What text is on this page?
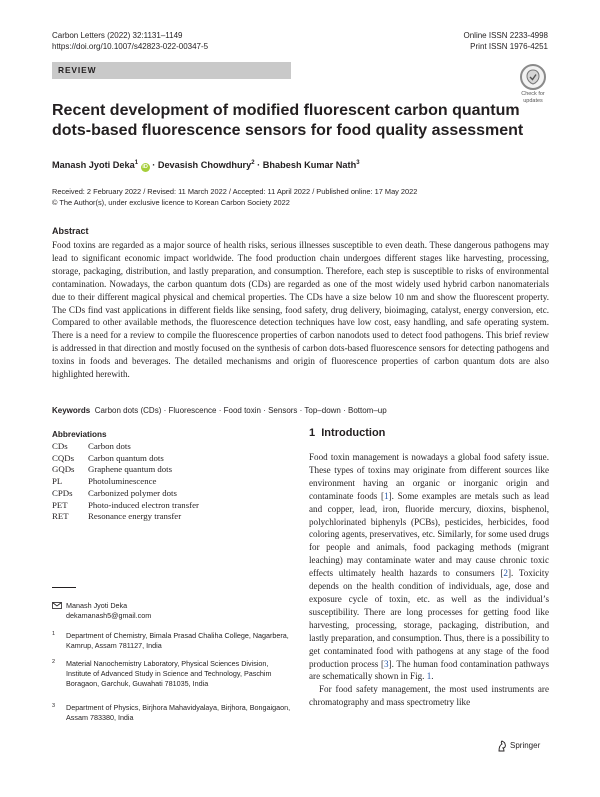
Carbon Letters (2022) 32:1131–1149
https://doi.org/10.1007/s42823-022-00347-5
Online ISSN 2233-4998
Print ISSN 1976-4251
REVIEW
Check for
updates
Recent development of modified fluorescent carbon quantum dots-based fluorescence sensors for food quality assessment
Manash Jyoti Deka$^1$ iD · Devasish Chowdhury$^2$ · Bhabesh Kumar Nath$^3$
Received: 2 February 2022 / Revised: 11 March 2022 / Accepted: 11 April 2022 / Published online: 17 May 2022
© The Author(s), under exclusive licence to Korean Carbon Society 2022
Abstract
Food toxins are regarded as a major source of health risks, serious illnesses susceptible to even death. These dangerous pathogens may lead to significant economic impact worldwide. The food production chain undergoes different stages like harvesting, processing, storage, packaging, distribution, and lastly preparation, and consumption. Therefore, each step is susceptible to risks of environmental contamination. Nowadays, the carbon quantum dots (CDs) are regarded as one of the most widely used hybrid carbon nanomaterials due to their different magical physical and chemical properties. The CDs have a size below 10 nm and show the fluorescent property. The CDs find vast applications in different fields like sensing, food safety, drug delivery, bioimaging, catalyst, energy conversion, etc. Compared to other available methods, the fluorescence detection techniques have low cost, easy handling, and safe operating system. There is a need for a review to compile the fluorescence properties of carbon nanodots used to detect food pathogens. This brief review is addressed in that direction and mostly focused on the synthesis of carbon dots-based fluorescence sensors for detecting pathogens and toxins in foods and beverages. The detailed mechanisms and origin of fluorescence properties of carbon quantum dots are also highlighted herewith.
Keywords Carbon dots (CDs) · Fluorescence · Food toxin · Sensors · Top–down · Bottom–up
Abbreviations
CDs	Carbon dots
CQDs	Carbon quantum dots
GQDs	Graphene quantum dots
PL	Photoluminescence
CPDs	Carbonized polymer dots
PET	Photo-induced electron transfer
RET	Resonance energy transfer
Manash Jyoti Deka
dekamanash5@gmail.com
1 Department of Chemistry, Bimala Prasad Chaliha College, Nagarbera, Kamrup, Assam 781127, India
2 Material Nanochemistry Laboratory, Physical Sciences Division, Institute of Advanced Study in Science and Technology, Paschim Boragaon, Garchuk, Guwahati 781035, India
3 Department of Physics, Birjhora Mahavidyalaya, Birjhora, Bongaigaon, Assam 783380, India
1 Introduction

Food toxin management is nowadays a global food safety issue. These types of toxins may originate from different sources like environment having an organic or inorganic origin and contaminate foods [1]. Some examples are metals such as lead and copper, lead, iron, fluoride mercury, dioxins, bisphenol, polychlorinated biphenyls (PCBs), pesticides, herbicides, food coloring agents, preservatives, etc. Similarly, for some used drugs for people and animals, food packaging methods (migrant leaching) may contaminate water and may cause chronic toxic effects ultimately health hazards to consumers [2]. Toxicity depends on the health condition of individuals, age, dose and exposure cycle of toxin, etc. as well as the individual’s susceptibility. There are long processes for getting food like harvesting, processing, storage, packaging, distribution, and lastly preparation, and consumption. Thus, there is a possibility to get contaminated food with pathogens at any stage of the food production process [3]. The human food contamination pathways are schematically shown in Fig. 1.

For food safety management, the most used instruments are chromatography and mass spectrometry like

Springer
